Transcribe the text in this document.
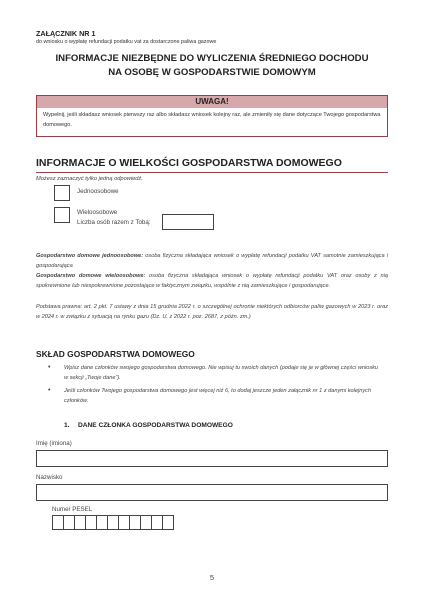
ZAŁĄCZNIK NR 1
do wniosku o wypłatę refundacji podatku vat za dostarczone paliwa gazowe
INFORMACJE NIEZBĘDNE DO WYLICZENIA ŚREDNIEGO DOCHODU
NA OSOBĘ W GOSPODARSTWIE DOMOWYM
UWAGA!
Wypełnij, jeśli składasz wniosek pierwszy raz albo składasz wniosek kolejny raz, ale zmieniły się dane dotyczące Twojego gospodarstwa domowego.
INFORMACJE O WIELKOŚCI GOSPODARSTWA DOMOWEGO
Możesz zaznaczyć tylko jedną odpowiedź.
Jednoosobowe
Wieloosobowe
Liczba osób razem z Tobą:
Gospodarstwo domowe jednoosobowe: osoba fizyczna składająca wniosek o wypłatę refundacji podatku VAT samotnie zamieszkująca i gospodarująca
Gospodarstwo domowe wieloosobowe: osoba fizyczna składająca wniosek o wypłatę refundacji podatku VAT oraz osoby z nią spokrewnione lub niespokrewnione pozostające w faktycznym związku, wspólnie z nią zamieszkujące i gospodarujące.
Podstawa prawna: art. 2 pkt. 7 ustawy z dnia 15 grudnia 2022 r. o szczególnej ochronie niektórych odbiorców paliw gazowych w 2023 r. oraz w 2024 r. w związku z sytuacją na rynku gazu (Dz. U. z 2022 r. poz. 2687, z późn. zm.)
SKŁAD GOSPODARSTWA DOMOWEGO
• Wpisz dane członków swojego gospodarstwa domowego. Nie wpisuj tu swoich danych (podaje się je w głównej części wniosku w sekcji „Twoje dane”).
• Jeśli członków Twojego gospodarstwa domowego jest więcej niż 6, to dodaj jeszcze jeden załącznik nr 1 z danymi kolejnych członków.
1. DANE CZŁONKA GOSPODARSTWA DOMOWEGO
Imię (imiona)
Nazwisko
Numer PESEL
5
